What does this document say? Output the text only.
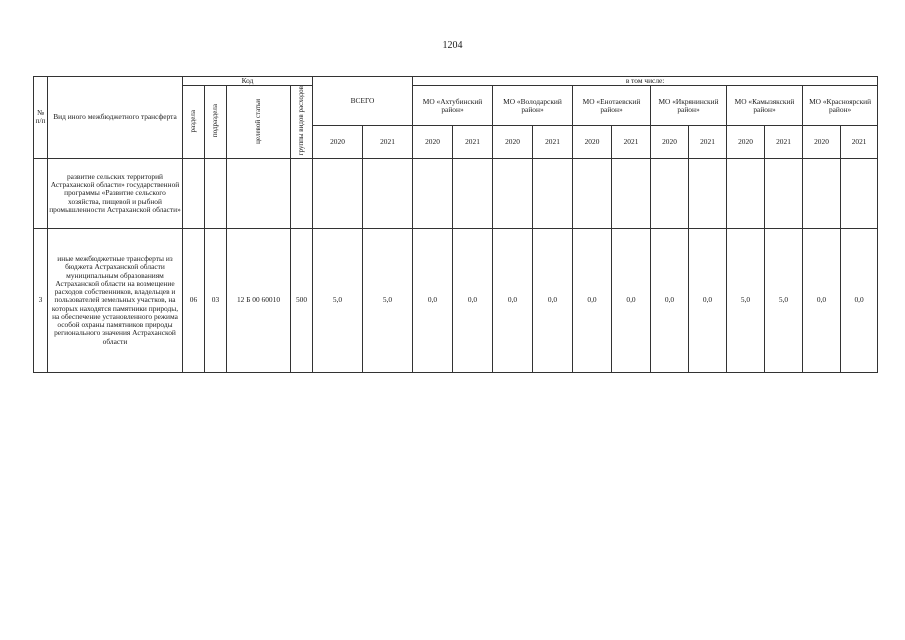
1204
№ п/п	Вид иного межбюджетного трансферта	Код				ВСЕГО		в том числе:											
		раздела	подраздела	целевой статьи	группы видов расходов			МО «Ахтубинский район»		МО «Володарский район»		МО «Енотаевский район»		МО «Икрянинский район»		МО «Камызякский район»		МО «Красноярский район»	
						2020	2021	2020	2021	2020	2021	2020	2021	2020	2021	2020	2021	2020	2021
	развитие сельских территорий Астраханской области» государственной программы «Развитие сельского хозяйства, пищевой и рыбной промышленности Астраханской области»																		
3	иные межбюджетные трансферты из бюджета Астраханской области муниципальным образованиям Астраханской области на возмещение расходов собственников, владельцев и пользователей земельных участков, на которых находятся памятники природы, на обеспечение установленного режима особой охраны памятников природы регионального значения Астраханской области	06	03	12 Б 00 60010	500	5,0	5,0	0,0	0,0	0,0	0,0	0,0	0,0	0,0	0,0	5,0	5,0	0,0	0,0
